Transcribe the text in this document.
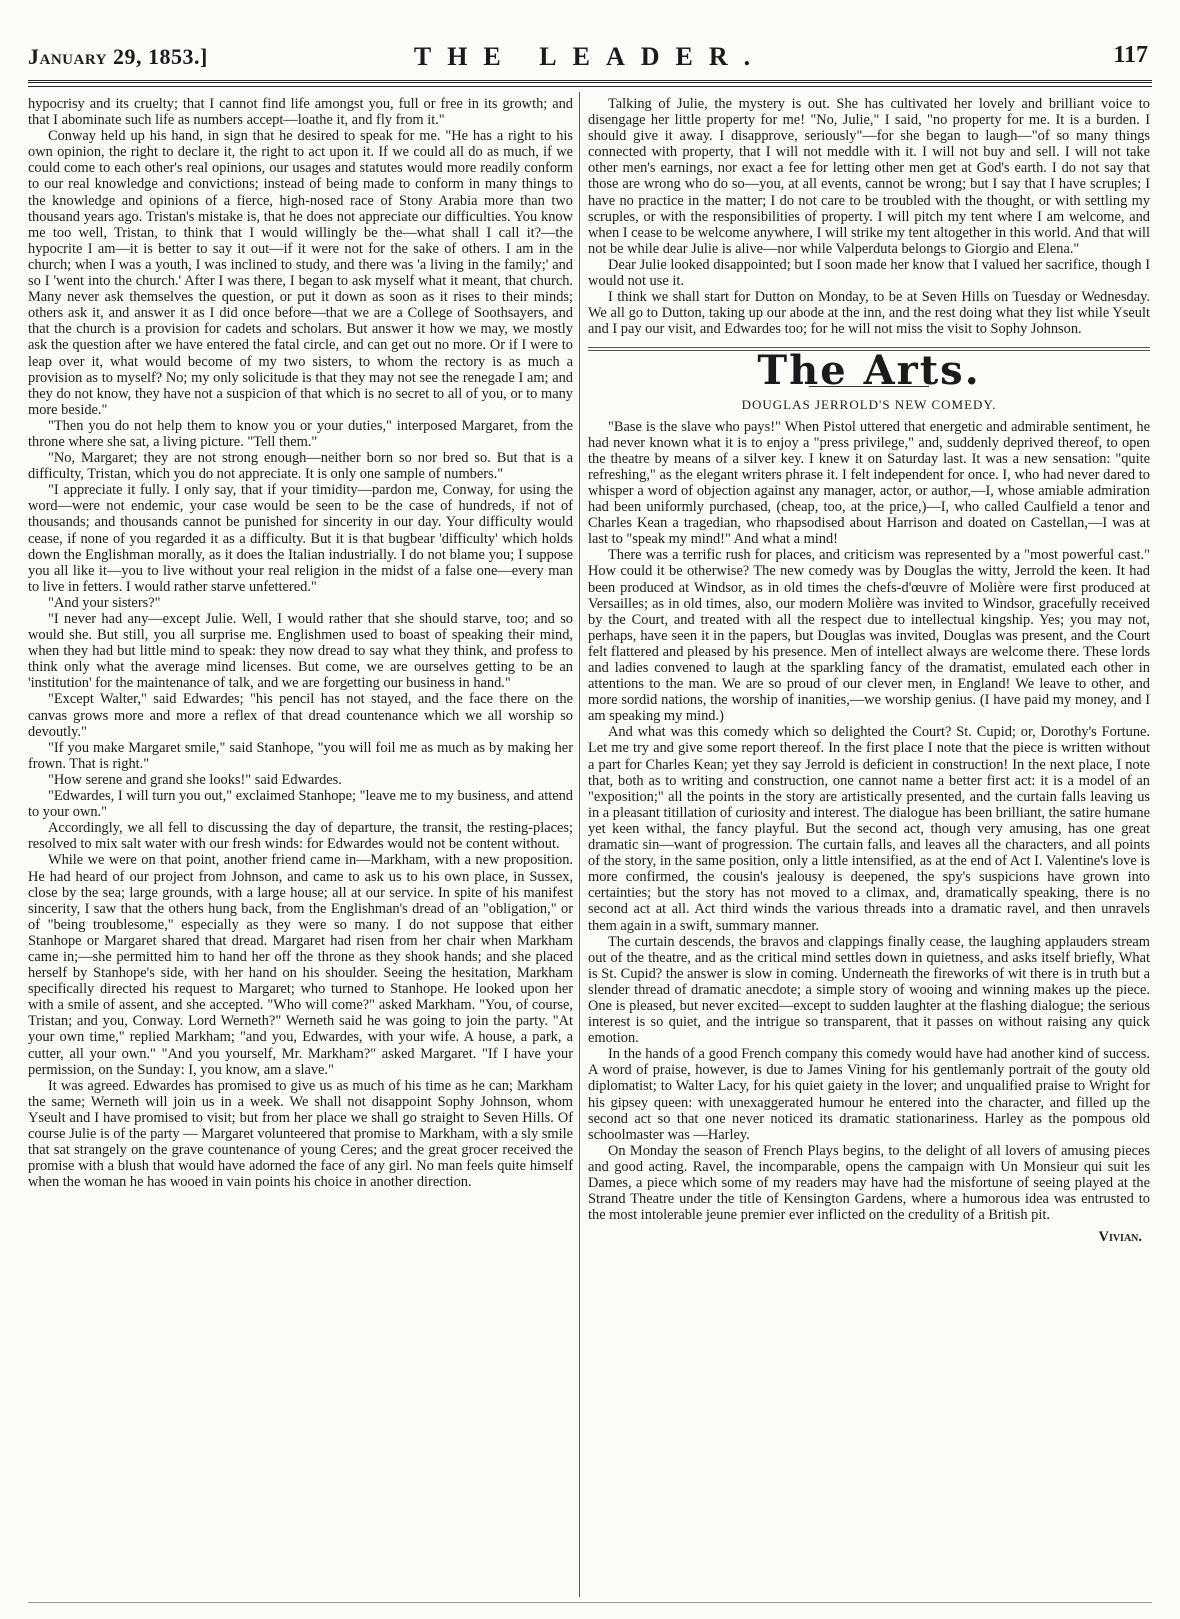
January 29, 1853.]	THE LEADER.	117

hypocrisy and its cruelty; that I cannot find life amongst you, full or free in its growth; and that I abominate such life as numbers accept—loathe it, and fly from it."

Conway held up his hand, in sign that he desired to speak for me. "He has a right to his own opinion, the right to declare it, the right to act upon it. If we could all do as much, if we could come to each other's real opinions, our usages and statutes would more readily conform to our real knowledge and convictions; instead of being made to conform in many things to the knowledge and opinions of a fierce, high-nosed race of Stony Arabia more than two thousand years ago. Tristan's mistake is, that he does not appreciate our difficulties. You know me too well, Tristan, to think that I would willingly be the—what shall I call it?—the hypocrite I am—it is better to say it out—if it were not for the sake of others. I am in the church; when I was a youth, I was inclined to study, and there was 'a living in the family;' and so I 'went into the church.' After I was there, I began to ask myself what it meant, that church. Many never ask themselves the question, or put it down as soon as it rises to their minds; others ask it, and answer it as I did once before—that we are a College of Soothsayers, and that the church is a provision for cadets and scholars. But answer it how we may, we mostly ask the question after we have entered the fatal circle, and can get out no more. Or if I were to leap over it, what would become of my two sisters, to whom the rectory is as much a provision as to myself? No; my only solicitude is that they may not see the renegade I am; and they do not know, they have not a suspicion of that which is no secret to all of you, or to many more beside."

"Then you do not help them to know you or your duties," interposed Margaret, from the throne where she sat, a living picture. "Tell them."

"No, Margaret; they are not strong enough—neither born so nor bred so. But that is a difficulty, Tristan, which you do not appreciate. It is only one sample of numbers."

"I appreciate it fully. I only say, that if your timidity—pardon me, Conway, for using the word—were not endemic, your case would be seen to be the case of hundreds, if not of thousands; and thousands cannot be punished for sincerity in our day. Your difficulty would cease, if none of you regarded it as a difficulty. But it is that bugbear 'difficulty' which holds down the Englishman morally, as it does the Italian industrially. I do not blame you; I suppose you all like it—you to live without your real religion in the midst of a false one—every man to live in fetters. I would rather starve unfettered."

"And your sisters?"

"I never had any—except Julie. Well, I would rather that she should starve, too; and so would she. But still, you all surprise me. Englishmen used to boast of speaking their mind, when they had but little mind to speak: they now dread to say what they think, and profess to think only what the average mind licenses. But come, we are ourselves getting to be an 'institution' for the maintenance of talk, and we are forgetting our business in hand."

"Except Walter," said Edwardes; "his pencil has not stayed, and the face there on the canvas grows more and more a reflex of that dread countenance which we all worship so devoutly."

"If you make Margaret smile," said Stanhope, "you will foil me as much as by making her frown. That is right."

"How serene and grand she looks!" said Edwardes.

"Edwardes, I will turn you out," exclaimed Stanhope; "leave me to my business, and attend to your own."

Accordingly, we all fell to discussing the day of departure, the transit, the resting-places; resolved to mix salt water with our fresh winds: for Edwardes would not be content without.

While we were on that point, another friend came in—Markham, with a new proposition. He had heard of our project from Johnson, and came to ask us to his own place, in Sussex, close by the sea; large grounds, with a large house; all at our service. In spite of his manifest sincerity, I saw that the others hung back, from the Englishman's dread of an "obligation," or of "being troublesome," especially as they were so many. I do not suppose that either Stanhope or Margaret shared that dread. Margaret had risen from her chair when Markham came in;—she permitted him to hand her off the throne as they shook hands; and she placed herself by Stanhope's side, with her hand on his shoulder. Seeing the hesitation, Markham specifically directed his request to Margaret; who turned to Stanhope. He looked upon her with a smile of assent, and she accepted. "Who will come?" asked Markham. "You, of course, Tristan; and you, Conway. Lord Werneth?" Werneth said he was going to join the party. "At your own time," replied Markham; "and you, Edwardes, with your wife. A house, a park, a cutter, all your own." "And you yourself, Mr. Markham?" asked Margaret. "If I have your permission, on the Sunday: I, you know, am a slave."

It was agreed. Edwardes has promised to give us as much of his time as he can; Markham the same; Werneth will join us in a week. We shall not disappoint Sophy Johnson, whom Yseult and I have promised to visit; but from her place we shall go straight to Seven Hills. Of course Julie is of the party — Margaret volunteered that promise to Markham, with a sly smile that sat strangely on the grave countenance of young Ceres; and the great grocer received the promise with a blush that would have adorned the face of any girl. No man feels quite himself when the woman he has wooed in vain points his choice in another direction.

Talking of Julie, the mystery is out. She has cultivated her lovely and brilliant voice to disengage her little property for me! "No, Julie," I said, "no property for me. It is a burden. I should give it away. I disapprove, seriously"—for she began to laugh—"of so many things connected with property, that I will not meddle with it. I will not buy and sell. I will not take other men's earnings, nor exact a fee for letting other men get at God's earth. I do not say that those are wrong who do so—you, at all events, cannot be wrong; but I say that I have scruples; I have no practice in the matter; I do not care to be troubled with the thought, or with settling my scruples, or with the responsibilities of property. I will pitch my tent where I am welcome, and when I cease to be welcome anywhere, I will strike my tent altogether in this world. And that will not be while dear Julie is alive—nor while Valperduta belongs to Giorgio and Elena."

Dear Julie looked disappointed; but I soon made her know that I valued her sacrifice, though I would not use it.

I think we shall start for Dutton on Monday, to be at Seven Hills on Tuesday or Wednesday. We all go to Dutton, taking up our abode at the inn, and the rest doing what they list while Yseult and I pay our visit, and Edwardes too; for he will not miss the visit to Sophy Johnson.

The Arts.
DOUGLAS JERROLD'S NEW COMEDY.

"Base is the slave who pays!" When Pistol uttered that energetic and admirable sentiment, he had never known what it is to enjoy a "press privilege," and, suddenly deprived thereof, to open the theatre by means of a silver key. I knew it on Saturday last. It was a new sensation: "quite refreshing," as the elegant writers phrase it. I felt independent for once. I, who had never dared to whisper a word of objection against any manager, actor, or author,—I, whose amiable admiration had been uniformly purchased, (cheap, too, at the price,)—I, who called Caulfield a tenor and Charles Kean a tragedian, who rhapsodised about Harrison and doated on Castellan,—I was at last to "speak my mind!" And what a mind!

There was a terrific rush for places, and criticism was represented by a "most powerful cast." How could it be otherwise? The new comedy was by Douglas the witty, Jerrold the keen. It had been produced at Windsor, as in old times the chefs-d'œuvre of Molière were first produced at Versailles; as in old times, also, our modern Molière was invited to Windsor, gracefully received by the Court, and treated with all the respect due to intellectual kingship. Yes; you may not, perhaps, have seen it in the papers, but Douglas was invited, Douglas was present, and the Court felt flattered and pleased by his presence. Men of intellect always are welcome there. These lords and ladies convened to laugh at the sparkling fancy of the dramatist, emulated each other in attentions to the man. We are so proud of our clever men, in England! We leave to other, and more sordid nations, the worship of inanities,—we worship genius. (I have paid my money, and I am speaking my mind.)

And what was this comedy which so delighted the Court? St. Cupid; or, Dorothy's Fortune. Let me try and give some report thereof. In the first place I note that the piece is written without a part for Charles Kean; yet they say Jerrold is deficient in construction! In the next place, I note that, both as to writing and construction, one cannot name a better first act: it is a model of an "exposition;" all the points in the story are artistically presented, and the curtain falls leaving us in a pleasant titillation of curiosity and interest. The dialogue has been brilliant, the satire humane yet keen withal, the fancy playful. But the second act, though very amusing, has one great dramatic sin—want of progression. The curtain falls, and leaves all the characters, and all points of the story, in the same position, only a little intensified, as at the end of Act I. Valentine's love is more confirmed, the cousin's jealousy is deepened, the spy's suspicions have grown into certainties; but the story has not moved to a climax, and, dramatically speaking, there is no second act at all. Act third winds the various threads into a dramatic ravel, and then unravels them again in a swift, summary manner.

The curtain descends, the bravos and clappings finally cease, the laughing applauders stream out of the theatre, and as the critical mind settles down in quietness, and asks itself briefly, What is St. Cupid? the answer is slow in coming. Underneath the fireworks of wit there is in truth but a slender thread of dramatic anecdote; a simple story of wooing and winning makes up the piece. One is pleased, but never excited—except to sudden laughter at the flashing dialogue; the serious interest is so quiet, and the intrigue so transparent, that it passes on without raising any quick emotion.

In the hands of a good French company this comedy would have had another kind of success. A word of praise, however, is due to James Vining for his gentlemanly portrait of the gouty old diplomatist; to Walter Lacy, for his quiet gaiety in the lover; and unqualified praise to Wright for his gipsey queen: with unexaggerated humour he entered into the character, and filled up the second act so that one never noticed its dramatic stationariness. Harley as the pompous old schoolmaster was —Harley.

On Monday the season of French Plays begins, to the delight of all lovers of amusing pieces and good acting. Ravel, the incomparable, opens the campaign with Un Monsieur qui suit les Dames, a piece which some of my readers may have had the misfortune of seeing played at the Strand Theatre under the title of Kensington Gardens, where a humorous idea was entrusted to the most intolerable jeune premier ever inflicted on the credulity of a British pit.

Vivian.
